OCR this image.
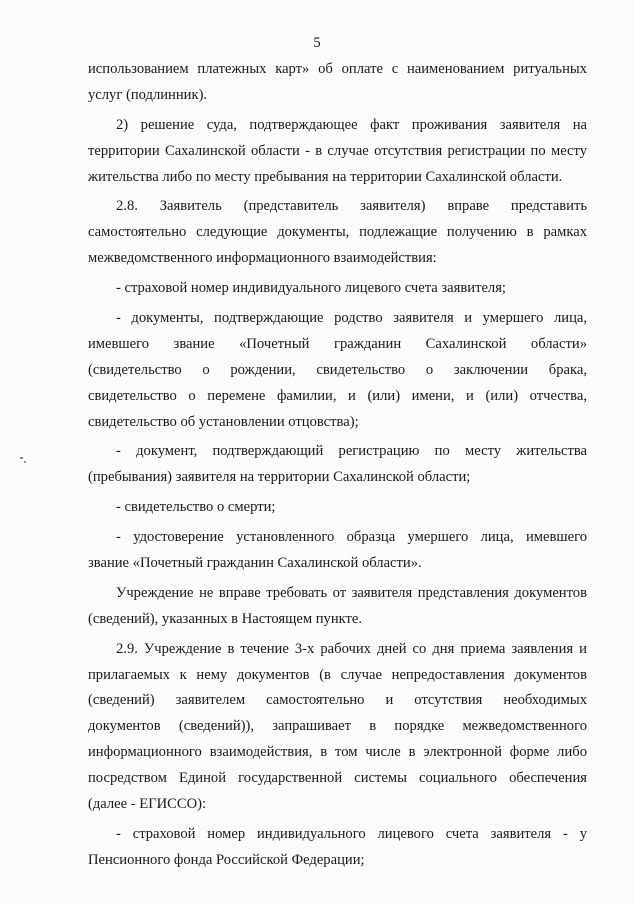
5
использованием платежных карт» об оплате с наименованием ритуальных
услуг (подлинник).
2) решение суда, подтверждающее факт проживания заявителя на
территории Сахалинской области - в случае отсутствия регистрации по месту
жительства либо по месту пребывания на территории Сахалинской области.
2.8. Заявитель (представитель заявителя) вправе представить
самостоятельно следующие документы, подлежащие получению в рамках
межведомственного информационного взаимодействия:
- страховой номер индивидуального лицевого счета заявителя;
- документы, подтверждающие родство заявителя и умершего лица,
имевшего звание «Почетный гражданин Сахалинской области»
(свидетельство о рождении, свидетельство о заключении брака,
свидетельство о перемене фамилии, и (или) имени, и (или) отчества,
свидетельство об установлении отцовства);
- документ, подтверждающий регистрацию по месту жительства
(пребывания) заявителя на территории Сахалинской области;
- свидетельство о смерти;
- удостоверение установленного образца умершего лица, имевшего
звание «Почетный гражданин Сахалинской области».
Учреждение не вправе требовать от заявителя представления документов
(сведений), указанных в Настоящем пункте.
2.9. Учреждение в течение 3-х рабочих дней со дня приема заявления и
прилагаемых к нему документов (в случае непредоставления документов
(сведений) заявителем самостоятельно и отсутствия необходимых
документов (сведений)), запрашивает в порядке межведомственного
информационного взаимодействия, в том числе в электронной форме либо
посредством Единой государственной системы социального обеспечения
(далее - ЕГИССО):
- страховой номер индивидуального лицевого счета заявителя - у
Пенсионного фонда Российской Федерации;
